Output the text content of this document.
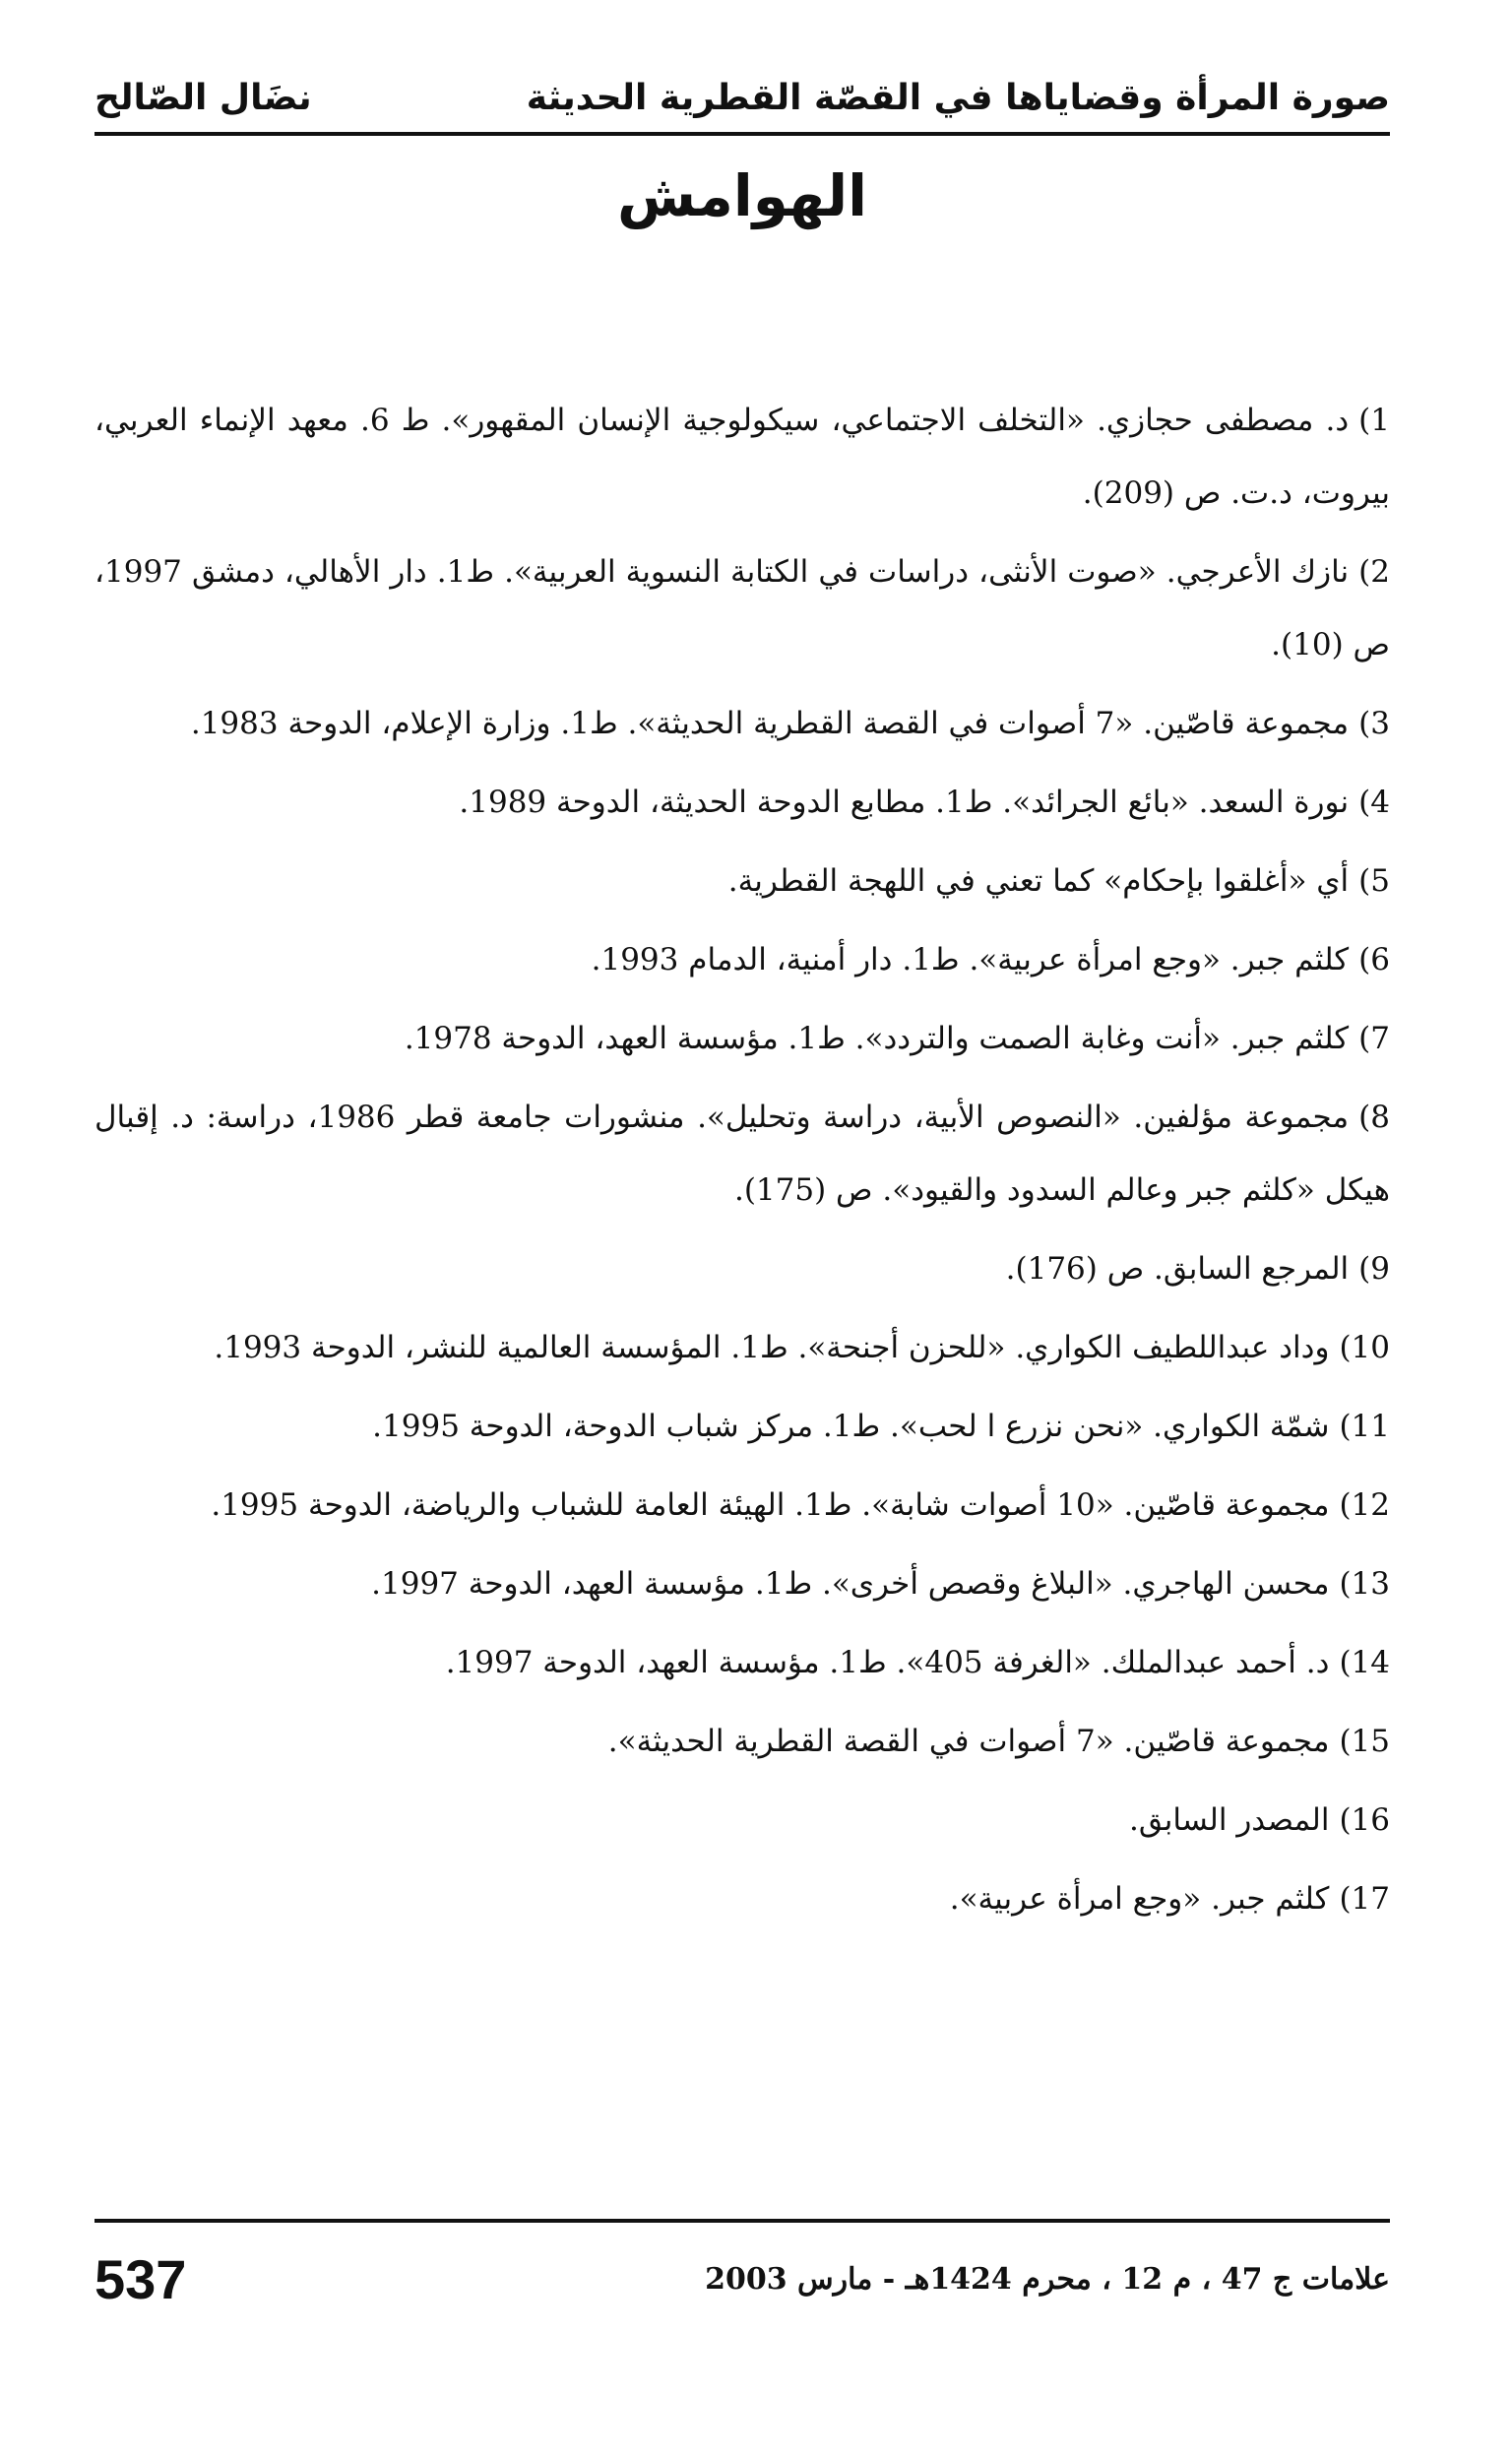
صورة المرأة وقضاياها في القصّة القطرية الحديثة
نضَال الصّالح
الهوامش

1)د. مصطفى حجازي. «التخلف الاجتماعي، سيكولوجية الإنسان المقهور». ط 6. معهد الإنماء العربي، بيروت، د.ت. ص (209).

2)نازك الأعرجي. «صوت الأنثى، دراسات في الكتابة النسوية العربية». ط1. دار الأهالي، دمشق 1997، ص (10).

3)مجموعة قاصّين. «7 أصوات في القصة القطرية الحديثة». ط1. وزارة الإعلام، الدوحة 1983.

4)نورة السعد. «بائع الجرائد». ط1. مطابع الدوحة الحديثة، الدوحة 1989.

5)أي «أغلقوا بإحكام» كما تعني في اللهجة القطرية.

6)كلثم جبر. «وجع امرأة عربية». ط1. دار أمنية، الدمام 1993.

7)كلثم جبر. «أنت وغابة الصمت والتردد». ط1. مؤسسة العهد، الدوحة 1978.

8)مجموعة مؤلفين. «النصوص الأبية، دراسة وتحليل». منشورات جامعة قطر 1986، دراسة: د. إقبال هيكل «كلثم جبر وعالم السدود والقيود». ص (175).

9)المرجع السابق. ص (176).

10)وداد عبداللطيف الكواري. «للحزن أجنحة». ط1. المؤسسة العالمية للنشر، الدوحة 1993.

11)شمّة الكواري. «نحن نزرع ا لحب». ط1. مركز شباب الدوحة، الدوحة 1995.

12)مجموعة قاصّين. «10 أصوات شابة». ط1. الهيئة العامة للشباب والرياضة، الدوحة 1995.

13)محسن الهاجري. «البلاغ وقصص أخرى». ط1. مؤسسة العهد، الدوحة 1997.

14)د. أحمد عبدالملك. «الغرفة 405». ط1. مؤسسة العهد، الدوحة 1997.

15)مجموعة قاصّين. «7 أصوات في القصة القطرية الحديثة».

16)المصدر السابق.

17)كلثم جبر. «وجع امرأة عربية».

علامات ج 47 ، م 12 ، محرم 1424هـ - مارس 2003
537
